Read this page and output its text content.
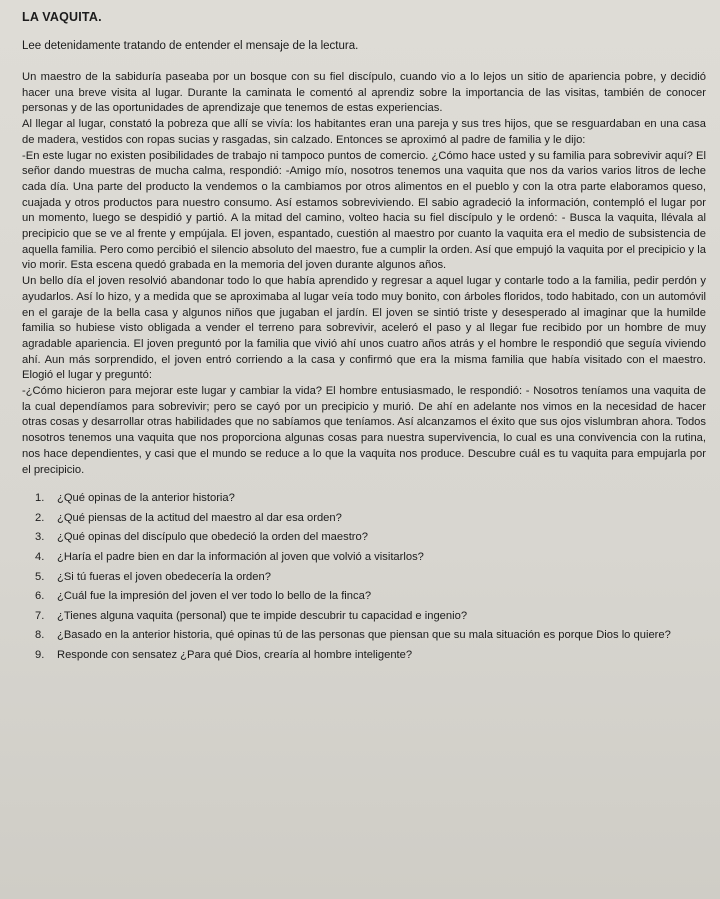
LA VAQUITA.

Lee detenidamente tratando de entender el mensaje de la lectura.

Un maestro de la sabiduría paseaba por un bosque con su fiel discípulo, cuando vio a lo lejos un sitio de apariencia pobre, y decidió hacer una breve visita al lugar. Durante la caminata le comentó al aprendiz sobre la importancia de las visitas, también de conocer personas y de las oportunidades de aprendizaje que tenemos de estas experiencias.

Al llegar al lugar, constató la pobreza que allí se vivía: los habitantes eran una pareja y sus tres hijos, que se resguardaban en una casa de madera, vestidos con ropas sucias y rasgadas, sin calzado. Entonces se aproximó al padre de familia y le dijo:

-En este lugar no existen posibilidades de trabajo ni tampoco puntos de comercio. ¿Cómo hace usted y su familia para sobrevivir aquí? El señor dando muestras de mucha calma, respondió: -Amigo mío, nosotros tenemos una vaquita que nos da varios varios litros de leche cada día. Una parte del producto la vendemos o la cambiamos por otros alimentos en el pueblo y con la otra parte elaboramos queso, cuajada y otros productos para nuestro consumo. Así estamos sobreviviendo. El sabio agradeció la información, contempló el lugar por un momento, luego se despidió y partió. A la mitad del camino, volteo hacia su fiel discípulo y le ordenó: - Busca la vaquita, llévala al precipicio que se ve al frente y empújala. El joven, espantado, cuestión al maestro por cuanto la vaquita era el medio de subsistencia de aquella familia. Pero como percibió el silencio absoluto del maestro, fue a cumplir la orden. Así que empujó la vaquita por el precipicio y la vio morir. Esta escena quedó grabada en la memoria del joven durante algunos años.

Un bello día el joven resolvió abandonar todo lo que había aprendido y regresar a aquel lugar y contarle todo a la familia, pedir perdón y ayudarlos. Así lo hizo, y a medida que se aproximaba al lugar veía todo muy bonito, con árboles floridos, todo habitado, con un automóvil en el garaje de la bella casa y algunos niños que jugaban el jardín. El joven se sintió triste y desesperado al imaginar que la humilde familia so hubiese visto obligada a vender el terreno para sobrevivir, aceleró el paso y al llegar fue recibido por un hombre de muy agradable apariencia. El joven preguntó por la familia que vivió ahí unos cuatro años atrás y el hombre le respondió que seguía viviendo ahí. Aun más sorprendido, el joven entró corriendo a la casa y confirmó que era la misma familia que había visitado con el maestro. Elogió el lugar y preguntó:

-¿Cómo hicieron para mejorar este lugar y cambiar la vida? El hombre entusiasmado, le respondió: - Nosotros teníamos una vaquita de la cual dependíamos para sobrevivir; pero se cayó por un precipicio y murió. De ahí en adelante nos vimos en la necesidad de hacer otras cosas y desarrollar otras habilidades que no sabíamos que teníamos. Así alcanzamos el éxito que sus ojos vislumbran ahora. Todos nosotros tenemos una vaquita que nos proporciona algunas cosas para nuestra supervivencia, lo cual es una convivencia con la rutina, nos hace dependientes, y casi que el mundo se reduce a lo que la vaquita nos produce. Descubre cuál es tu vaquita para empujarla por el precipicio.

1.	¿Qué opinas de la anterior historia?
2.	¿Qué piensas de la actitud del maestro al dar esa orden?
3.	¿Qué opinas del discípulo que obedeció la orden del maestro?
4.	¿Haría el padre bien en dar la información al joven que volvió a visitarlos?
5.	¿Si tú fueras el joven obedecería la orden?
6.	¿Cuál fue la impresión del joven el ver todo lo bello de la finca?
7.	¿Tienes alguna vaquita (personal) que te impide descubrir tu capacidad e ingenio?
8.	¿Basado en la anterior historia, qué opinas tú de las personas que piensan que su mala situación es porque Dios lo quiere?
9.	Responde con sensatez ¿Para qué Dios, crearía al hombre inteligente?
